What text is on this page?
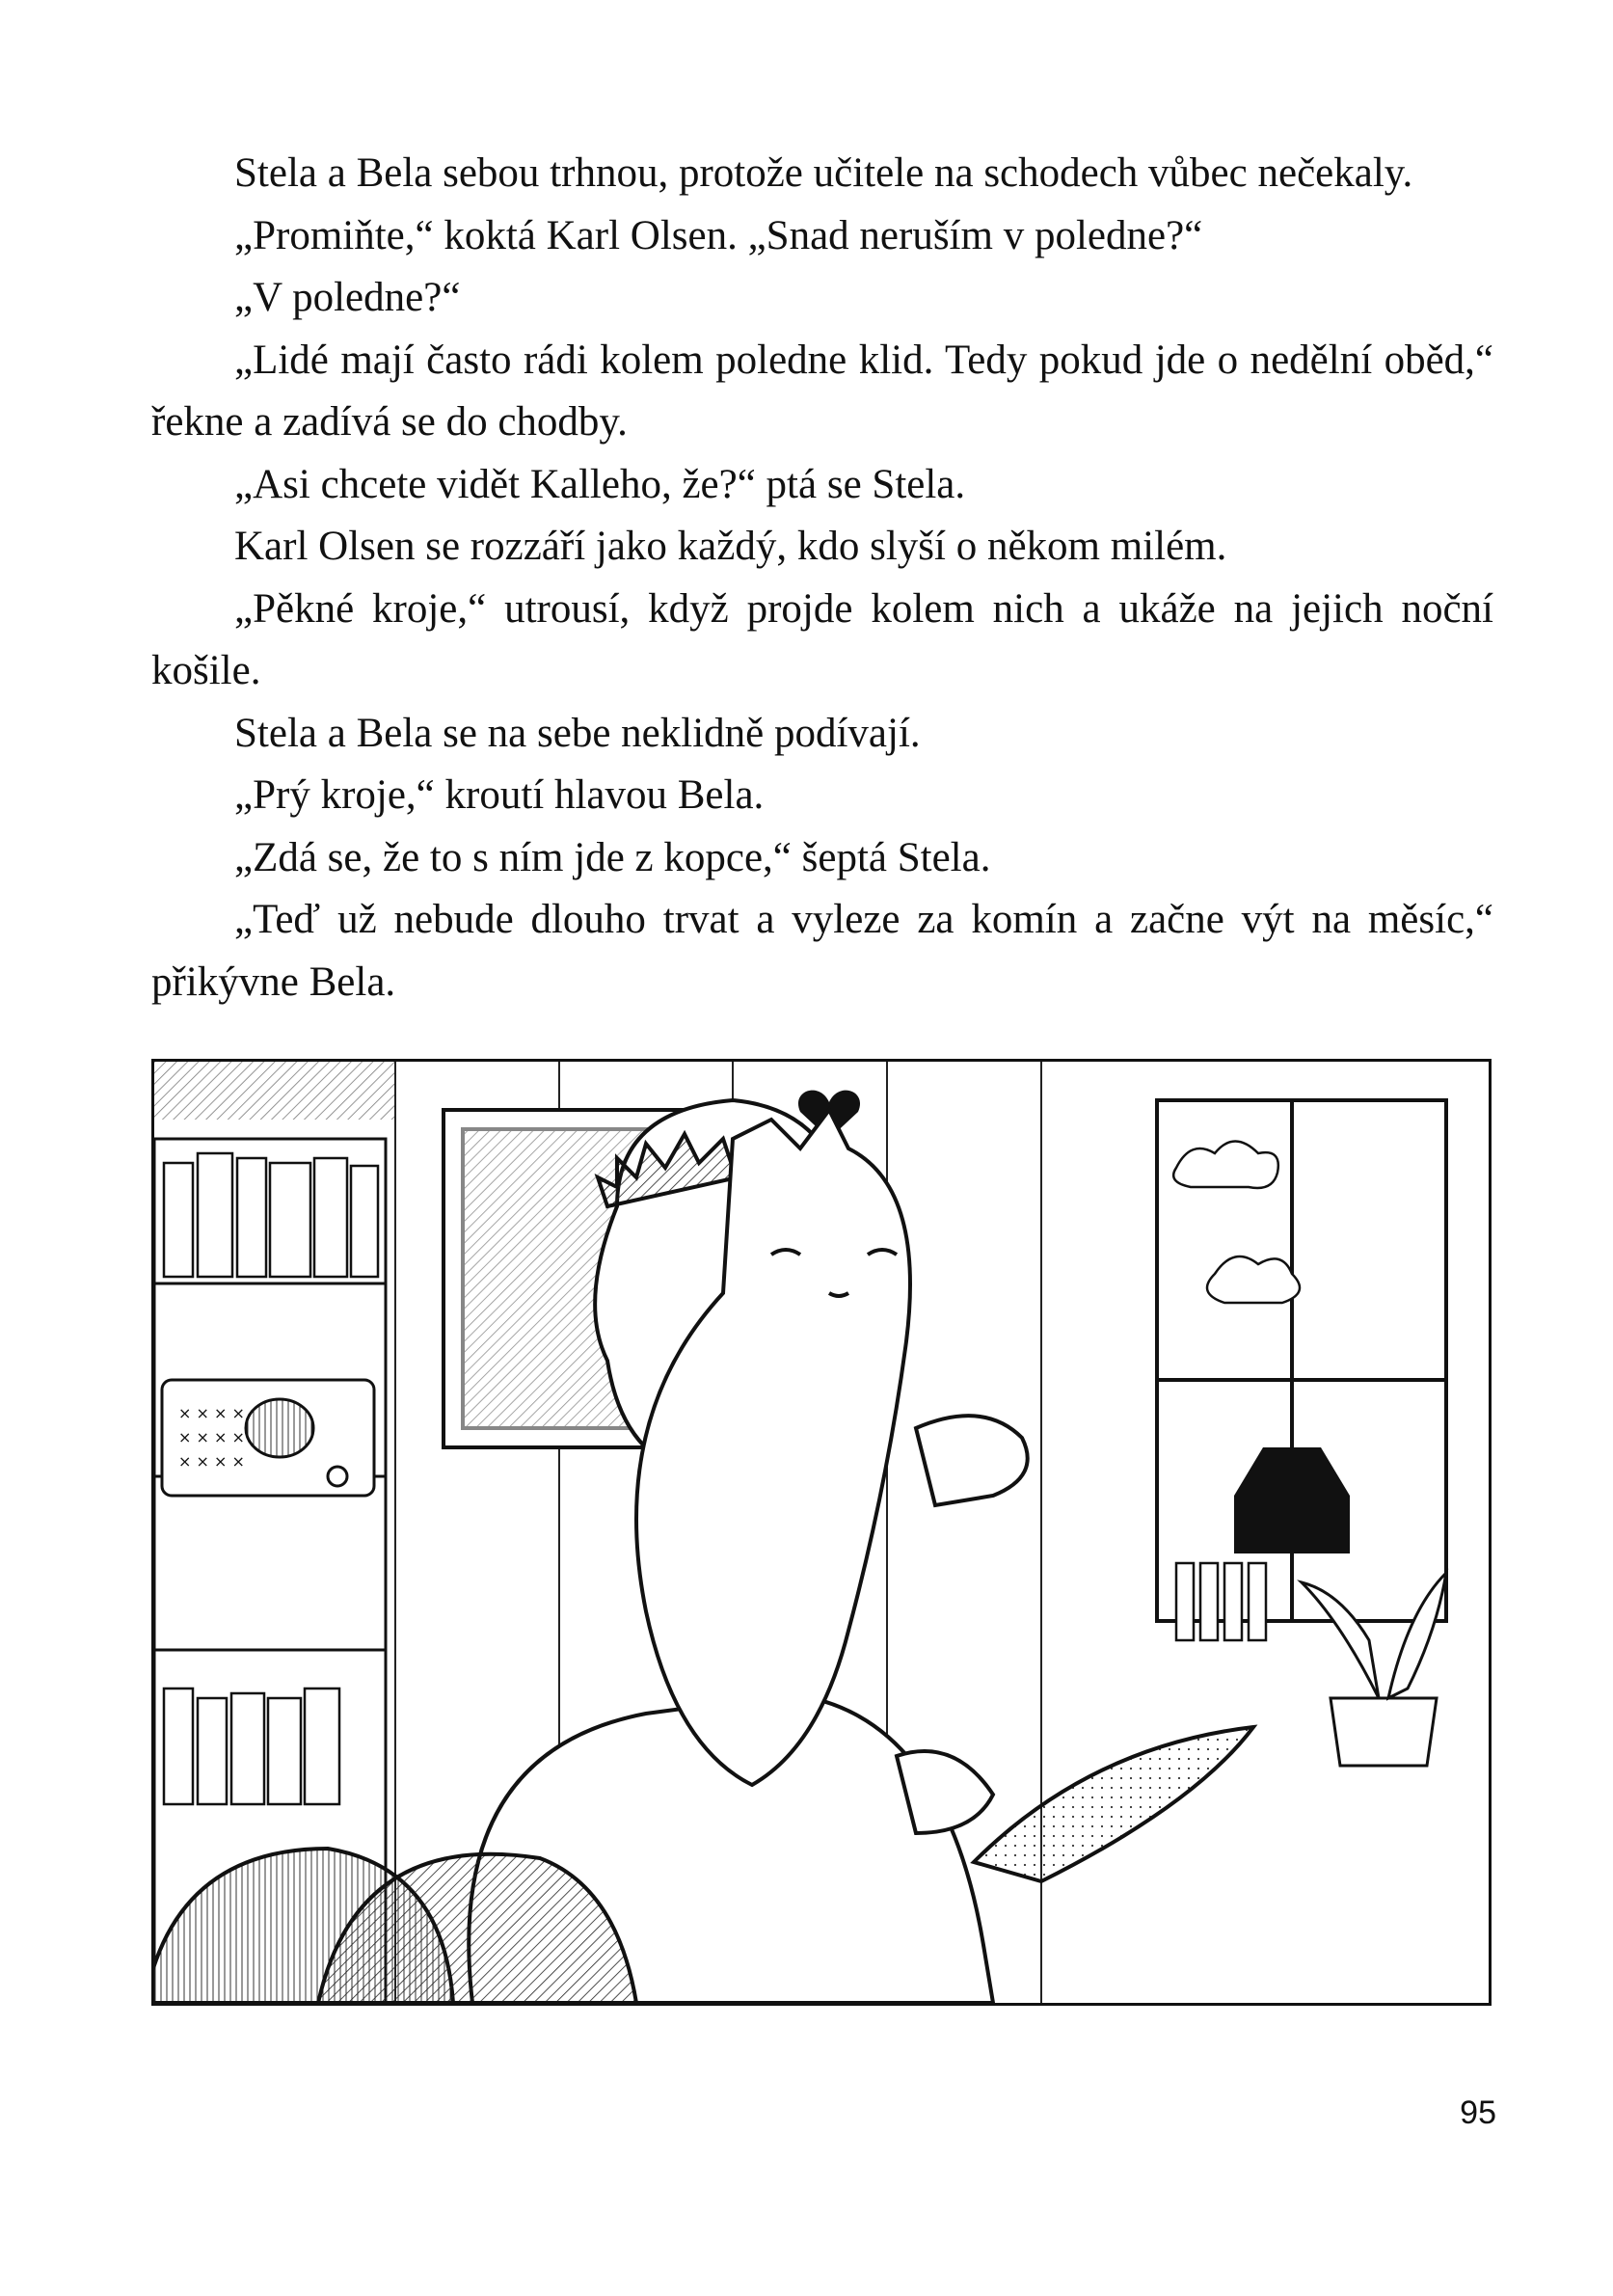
Stela a Bela sebou trhnou, protože učitele na schodech vůbec nečekaly.

„Promiňte,“ koktá Karl Olsen. „Snad neruším v poledne?“

„V poledne?“

„Lidé mají často rádi kolem poledne klid. Tedy pokud jde o nedělní oběd,“ řekne a zadívá se do chodby.

„Asi chcete vidět Kalleho, že?“ ptá se Stela.

Karl Olsen se rozzáří jako každý, kdo slyší o někom milém.

„Pěkné kroje,“ utrousí, když projde kolem nich a ukáže na jejich noční košile.

Stela a Bela se na sebe neklidně podívají.

„Prý kroje,“ kroutí hlavou Bela.

„Zdá se, že to s ním jde z kopce,“ šeptá Stela.

„Teď už nebude dlouho trvat a vyleze za komín a začne výt na měsíc,“ přikývne Bela.

× × × ×
× × × ×
× × × ×
95
